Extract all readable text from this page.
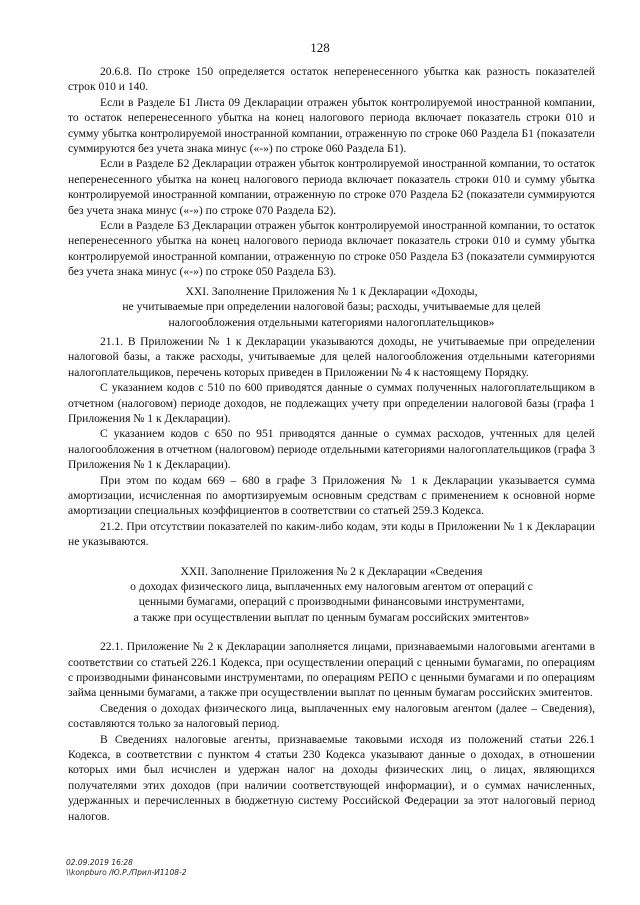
128

20.6.8. По строке 150 определяется остаток неперенесенного убытка как разность показателей строк 010 и 140.

Если в Разделе Б1 Листа 09 Декларации отражен убыток контролируемой иностранной компании, то остаток неперенесенного убытка на конец налогового периода включает показатель строки 010 и сумму убытка контролируемой иностранной компании, отраженную по строке 060 Раздела Б1 (показатели суммируются без учета знака минус («-») по строке 060 Раздела Б1).

Если в Разделе Б2 Декларации отражен убыток контролируемой иностранной компании, то остаток неперенесенного убытка на конец налогового периода включает показатель строки 010 и сумму убытка контролируемой иностранной компании, отраженную по строке 070 Раздела Б2 (показатели суммируются без учета знака минус («-») по строке 070 Раздела Б2).

Если в Разделе Б3 Декларации отражен убыток контролируемой иностранной компании, то остаток неперенесенного убытка на конец налогового периода включает показатель строки 010 и сумму убытка контролируемой иностранной компании, отраженную по строке 050 Раздела Б3 (показатели суммируются без учета знака минус («-») по строке 050 Раздела Б3).

XXI. Заполнение Приложения № 1 к Декларации «Доходы,
не учитываемые при определении налоговой базы; расходы, учитываемые для целей
налогообложения отдельными категориями налогоплательщиков»

21.1. В Приложении № 1 к Декларации указываются доходы, не учитываемые при определении налоговой базы, а также расходы, учитываемые для целей налогообложения отдельными категориями налогоплательщиков, перечень которых приведен в Приложении № 4 к настоящему Порядку.

С указанием кодов с 510 по 600 приводятся данные о суммах полученных налогоплательщиком в отчетном (налоговом) периоде доходов, не подлежащих учету при определении налоговой базы (графа 1 Приложения № 1 к Декларации).

С указанием кодов с 650 по 951 приводятся данные о суммах расходов, учтенных для целей налогообложения в отчетном (налоговом) периоде отдельными категориями налогоплательщиков (графа 3 Приложения № 1 к Декларации).

При этом по кодам 669 – 680 в графе 3 Приложения № 1 к Декларации указывается сумма амортизации, исчисленная по амортизируемым основным средствам с применением к основной норме амортизации специальных коэффициентов в соответствии со статьей 259.3 Кодекса.

21.2. При отсутствии показателей по каким-либо кодам, эти коды в Приложении № 1 к Декларации не указываются.

XXII. Заполнение Приложения № 2 к Декларации «Сведения
о доходах физического лица, выплаченных ему налоговым агентом от операций с
ценными бумагами, операций с производными финансовыми инструментами,
а также при осуществлении выплат по ценным бумагам российских эмитентов»

22.1. Приложение № 2 к Декларации заполняется лицами, признаваемыми налоговыми агентами в соответствии со статьей 226.1 Кодекса, при осуществлении операций с ценными бумагами, по операциям с производными финансовыми инструментами, по операциям РЕПО с ценными бумагами и по операциям займа ценными бумагами, а также при осуществлении выплат по ценным бумагам российских эмитентов.

Сведения о доходах физического лица, выплаченных ему налоговым агентом (далее – Сведения), составляются только за налоговый период.

В Сведениях налоговые агенты, признаваемые таковыми исходя из положений статьи 226.1 Кодекса, в соответствии с пунктом 4 статьи 230 Кодекса указывают данные о доходах, в отношении которых ими был исчислен и удержан налог на доходы физических лиц, о лицах, являющихся получателями этих доходов (при наличии соответствующей информации), и о суммах начисленных, удержанных и перечисленных в бюджетную систему Российской Федерации за этот налоговый период налогов.

02.09.2019 16:28
\\konpburo /Ю.Р./Прил-И1108-2
